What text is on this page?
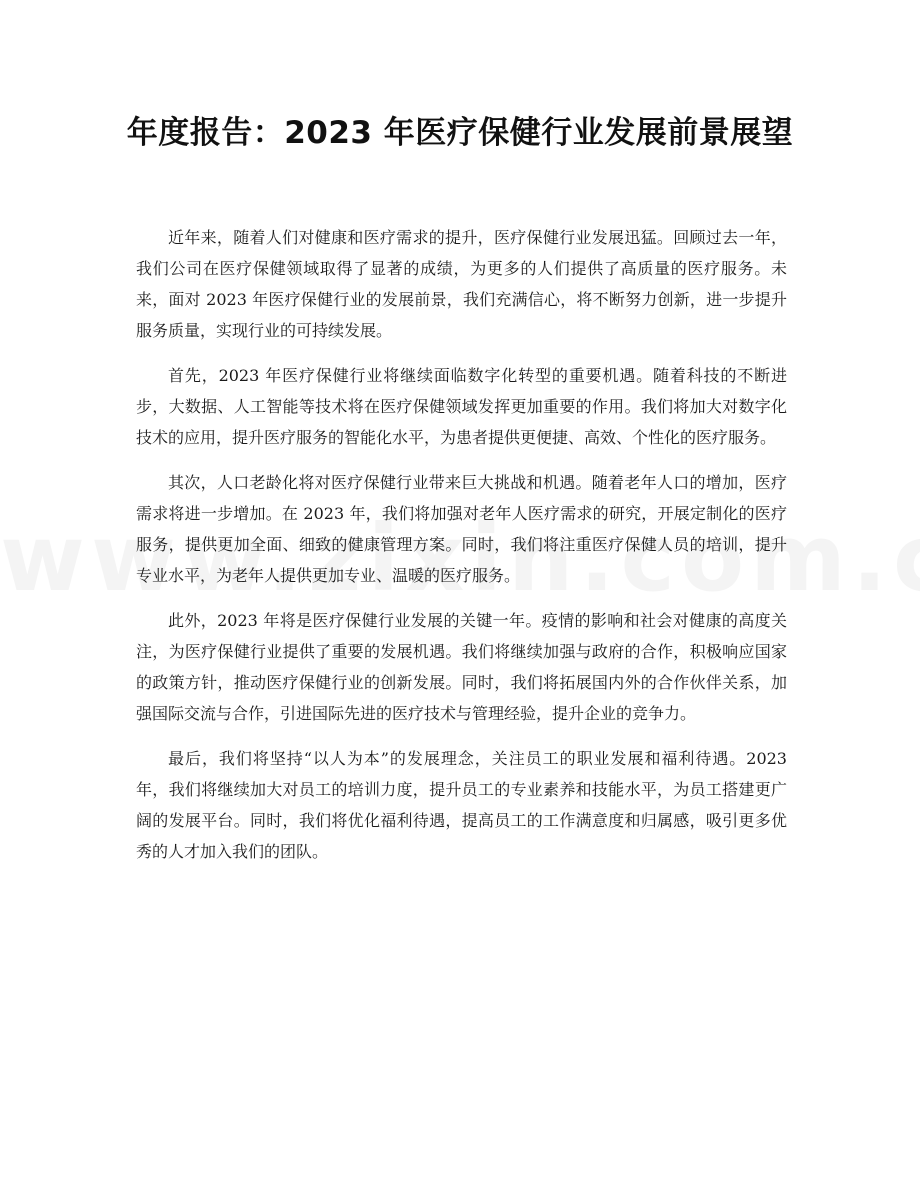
年度报告：2023 年医疗保健行业发展前景展望

近年来，随着人们对健康和医疗需求的提升，医疗保健行业发展迅猛。回顾过去一年，我们公司在医疗保健领域取得了显著的成绩，为更多的人们提供了高质量的医疗服务。未来，面对 2023 年医疗保健行业的发展前景，我们充满信心，将不断努力创新，进一步提升服务质量，实现行业的可持续发展。

首先，2023 年医疗保健行业将继续面临数字化转型的重要机遇。随着科技的不断进步，大数据、人工智能等技术将在医疗保健领域发挥更加重要的作用。我们将加大对数字化技术的应用，提升医疗服务的智能化水平，为患者提供更便捷、高效、个性化的医疗服务。

其次，人口老龄化将对医疗保健行业带来巨大挑战和机遇。随着老年人口的增加，医疗需求将进一步增加。在 2023 年，我们将加强对老年人医疗需求的研究，开展定制化的医疗服务，提供更加全面、细致的健康管理方案。同时，我们将注重医疗保健人员的培训，提升专业水平，为老年人提供更加专业、温暖的医疗服务。

此外，2023 年将是医疗保健行业发展的关键一年。疫情的影响和社会对健康的高度关注，为医疗保健行业提供了重要的发展机遇。我们将继续加强与政府的合作，积极响应国家的政策方针，推动医疗保健行业的创新发展。同时，我们将拓展国内外的合作伙伴关系，加强国际交流与合作，引进国际先进的医疗技术与管理经验，提升企业的竞争力。

最后，我们将坚持“以人为本”的发展理念，关注员工的职业发展和福利待遇。2023 年，我们将继续加大对员工的培训力度，提升员工的专业素养和技能水平，为员工搭建更广阔的发展平台。同时，我们将优化福利待遇，提高员工的工作满意度和归属感，吸引更多优秀的人才加入我们的团队。
